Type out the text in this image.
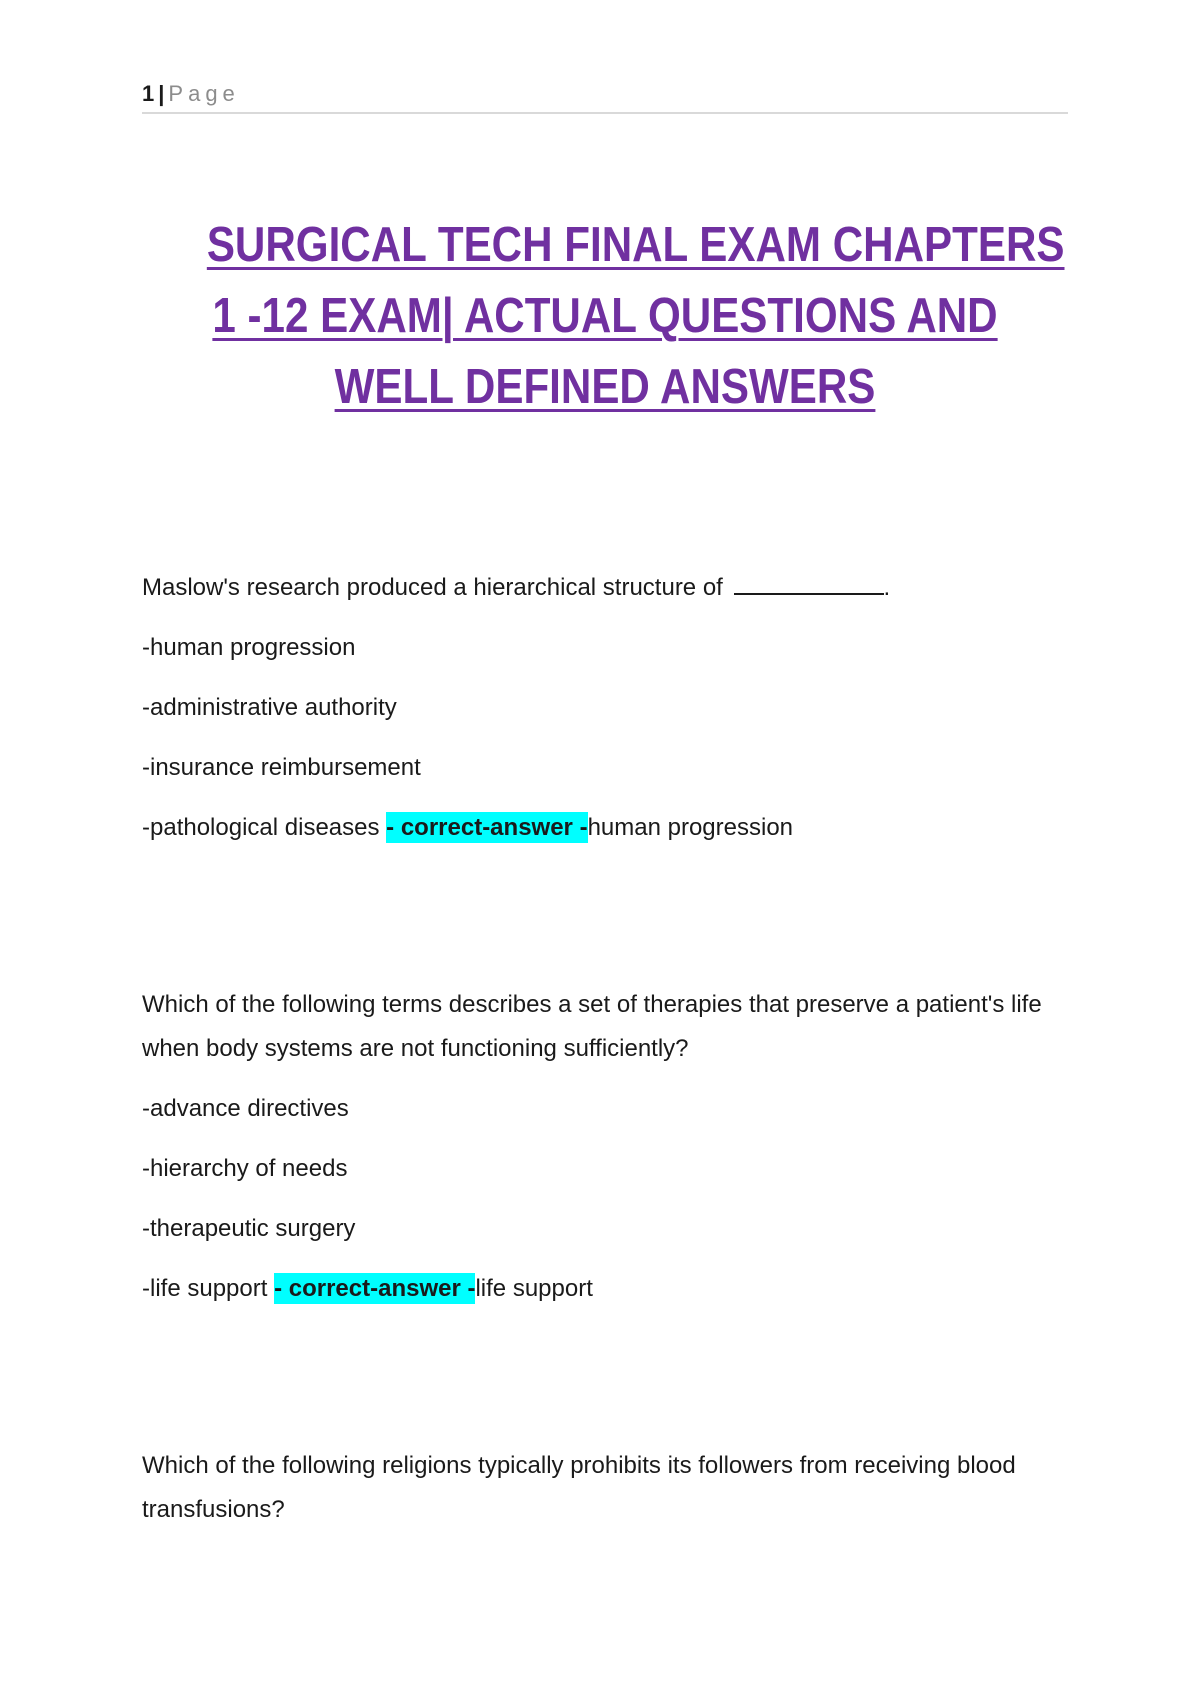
1 | Page
SURGICAL TECH FINAL EXAM CHAPTERS
1 -12 EXAM| ACTUAL QUESTIONS AND
WELL DEFINED ANSWERS
Maslow's research produced a hierarchical structure of	.
-human progression
-administrative authority
-insurance reimbursement
-pathological diseases - correct-answer -human progression
Which of the following terms describes a set of therapies that preserve a patient's life when body systems are not functioning sufficiently?
-advance directives
-hierarchy of needs
-therapeutic surgery
-life support - correct-answer -life support
Which of the following religions typically prohibits its followers from receiving blood transfusions?
